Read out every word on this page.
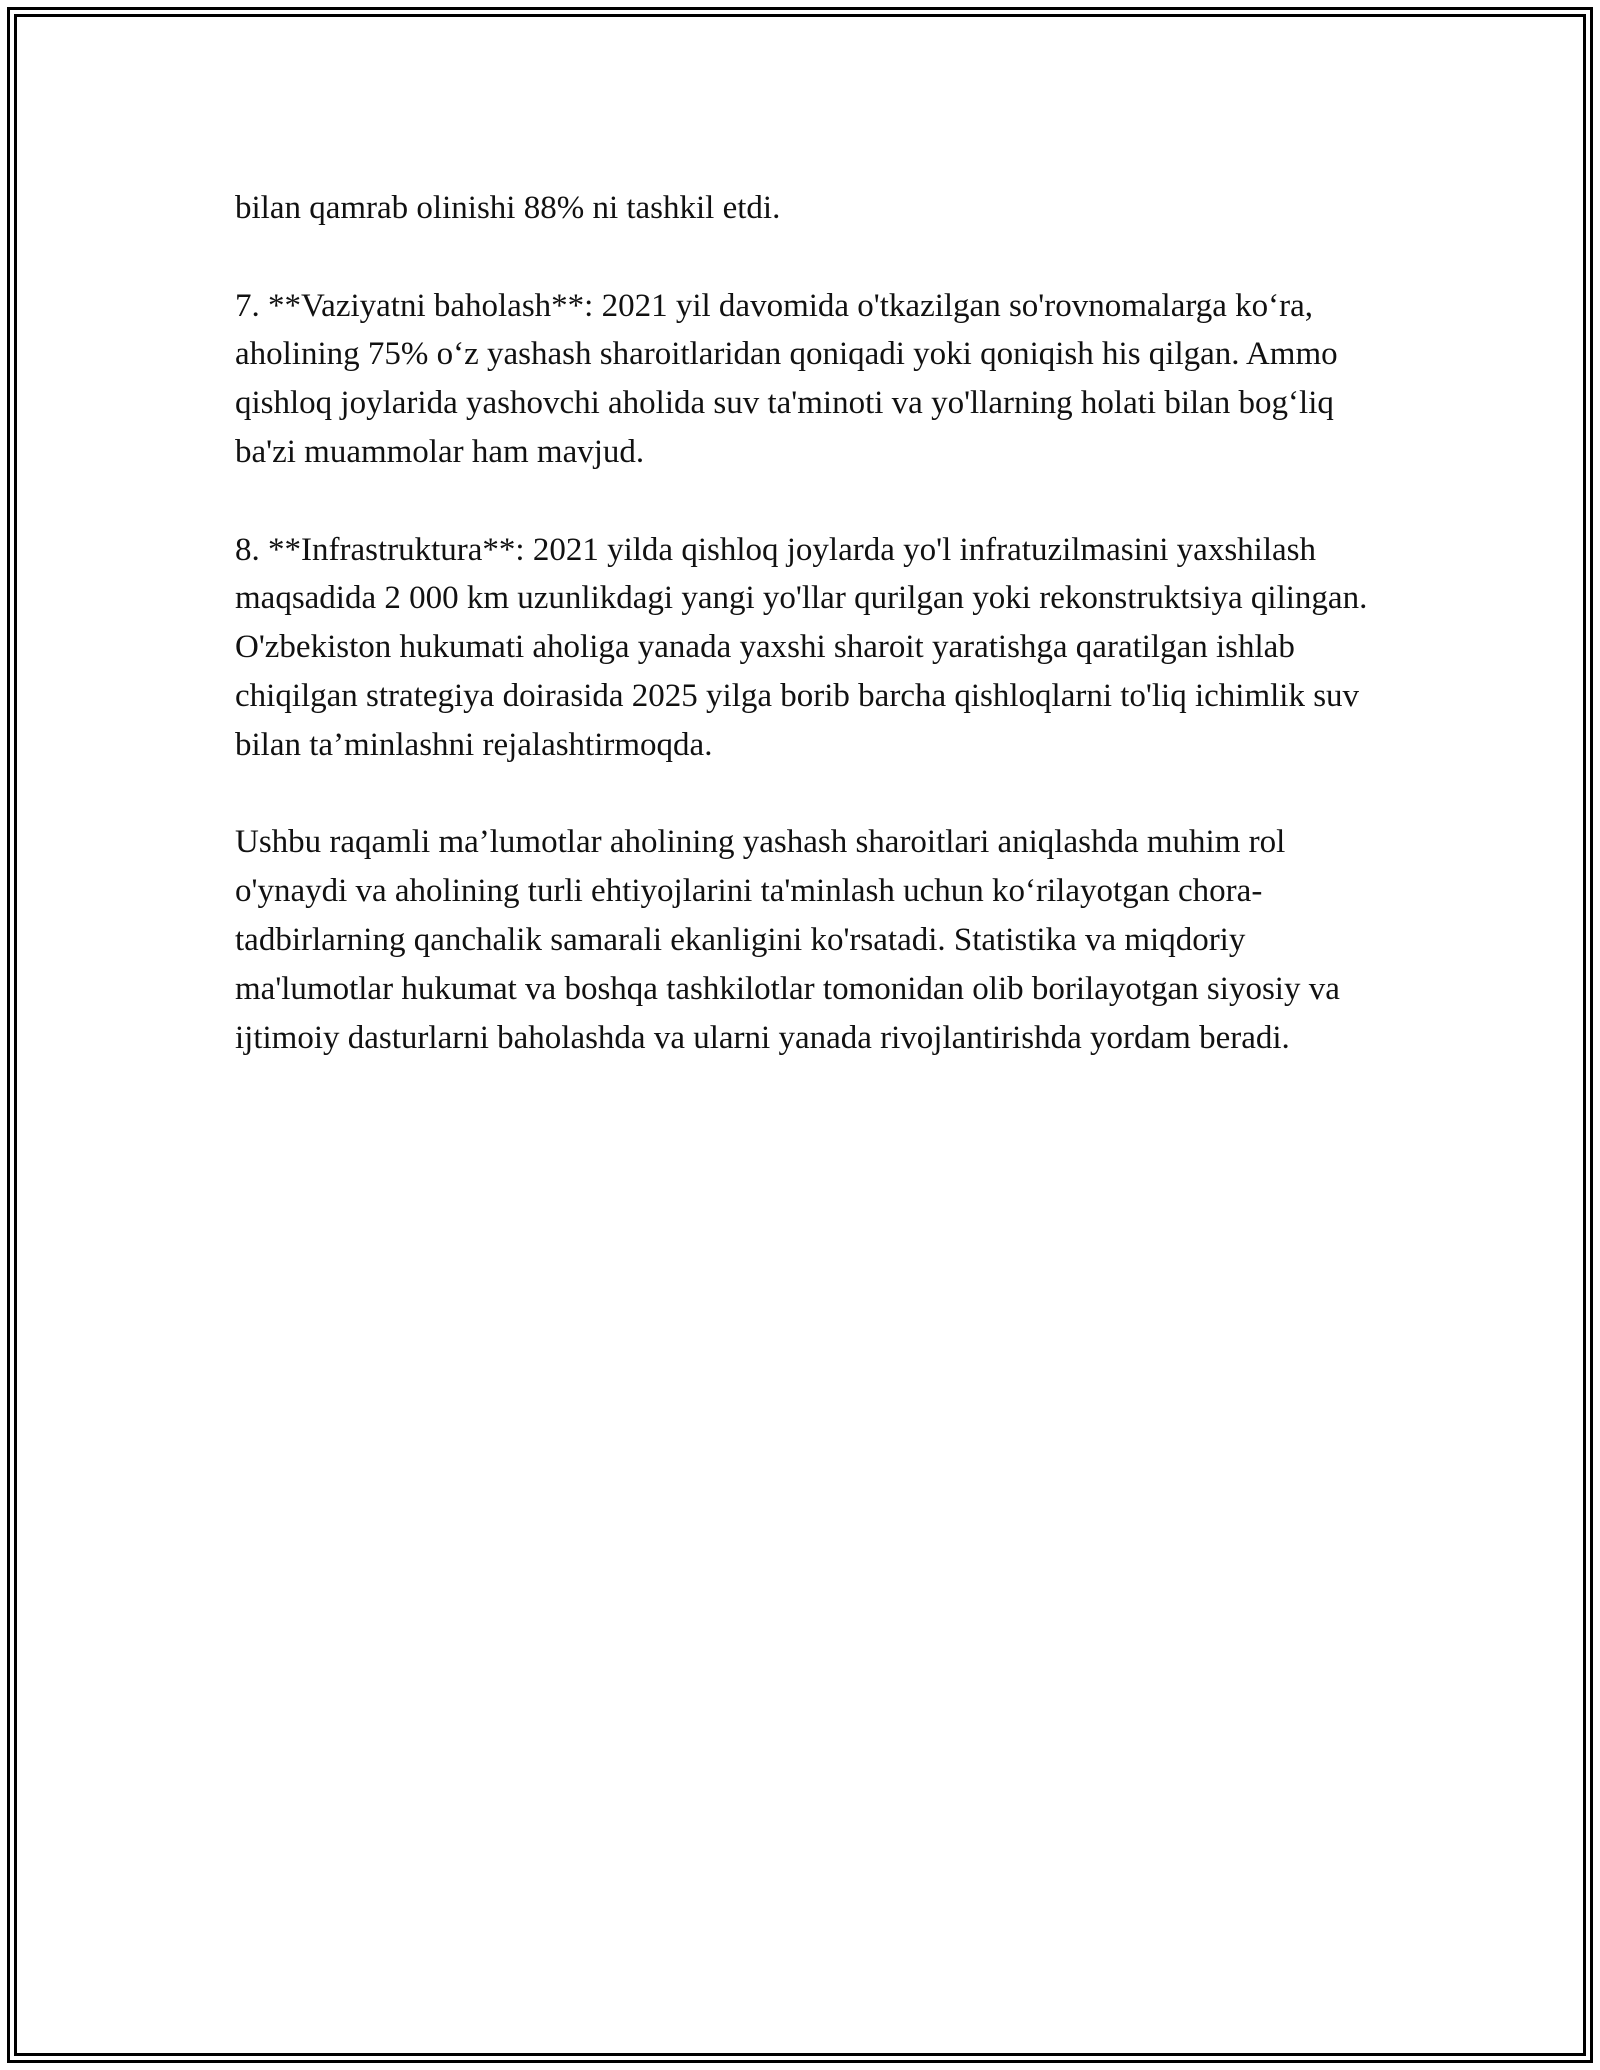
bilan qamrab olinishi 88% ni tashkil etdi.

7. **Vaziyatni baholash**: 2021 yil davomida o'tkazilgan so'rovnomalarga ko‘ra, aholining 75% o‘z yashash sharoitlaridan qoniqadi yoki qoniqish his qilgan. Ammo qishloq joylarida yashovchi aholida suv ta'minoti va yo'llarning holati bilan bog‘liq ba'zi muammolar ham mavjud.

8. **Infrastruktura**: 2021 yilda qishloq joylarda yo'l infratuzilmasini yaxshilash maqsadida 2 000 km uzunlikdagi yangi yo'llar qurilgan yoki rekonstruktsiya qilingan. O'zbekiston hukumati aholiga yanada yaxshi sharoit yaratishga qaratilgan ishlab chiqilgan strategiya doirasida 2025 yilga borib barcha qishloqlarni to'liq ichimlik suv bilan ta’minlashni rejalashtirmoqda.

Ushbu raqamli ma’lumotlar aholining yashash sharoitlari aniqlashda muhim rol o'ynaydi va aholining turli ehtiyojlarini ta'minlash uchun ko‘rilayotgan chora-tadbirlarning qanchalik samarali ekanligini ko'rsatadi. Statistika va miqdoriy ma'lumotlar hukumat va boshqa tashkilotlar tomonidan olib borilayotgan siyosiy va ijtimoiy dasturlarni baholashda va ularni yanada rivojlantirishda yordam beradi.
